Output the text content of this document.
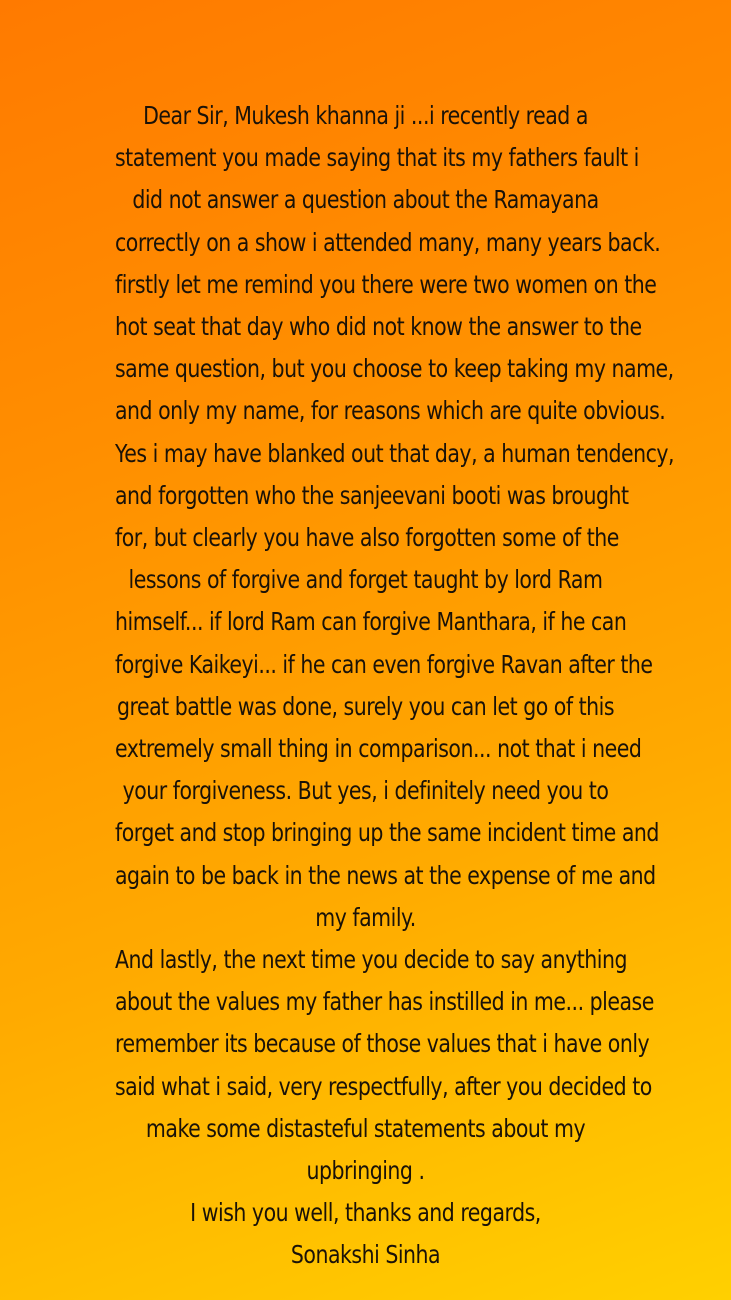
Dear Sir, Mukesh khanna ji ...i recently read a
statement you made saying that its my fathers fault i
did not answer a question about the Ramayana
correctly on a show i attended many, many years back.
firstly let me remind you there were two women on the
hot seat that day who did not know the answer to the
same question, but you choose to keep taking my name,
and only my name, for reasons which are quite obvious.
Yes i may have blanked out that day, a human tendency,
and forgotten who the sanjeevani booti was brought
for, but clearly you have also forgotten some of the
lessons of forgive and forget taught by lord Ram
himself... if lord Ram can forgive Manthara, if he can
forgive Kaikeyi... if he can even forgive Ravan after the
great battle was done, surely you can let go of this
extremely small thing in comparison... not that i need
your forgiveness. But yes, i definitely need you to
forget and stop bringing up the same incident time and
again to be back in the news at the expense of me and
my family.
And lastly, the next time you decide to say anything
about the values my father has instilled in me... please
remember its because of those values that i have only
said what i said, very respectfully, after you decided to
make some distasteful statements about my
upbringing .
I wish you well, thanks and regards,
Sonakshi Sinha
